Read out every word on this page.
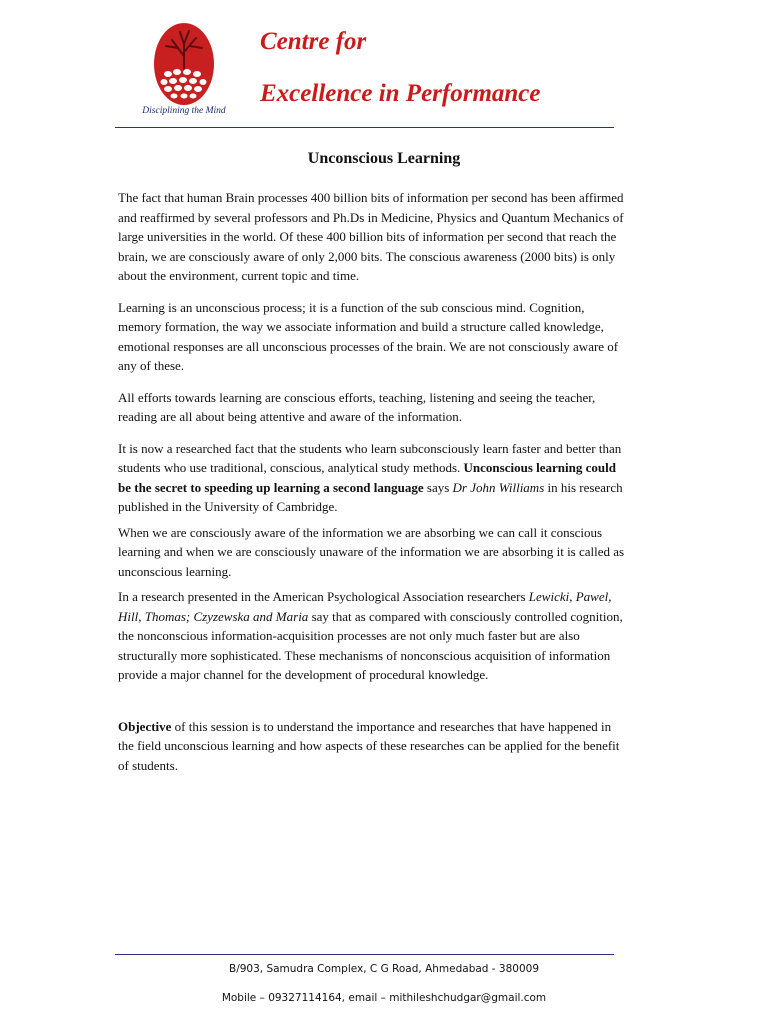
Disciplining the Mind
Centre for
Excellence in Performance
Unconscious Learning

The fact that human Brain processes 400 billion bits of information per second has been affirmed and reaffirmed by several professors and Ph.Ds in Medicine, Physics and Quantum Mechanics of large universities in the world. Of these 400 billion bits of information per second that reach the brain, we are consciously aware of only 2,000 bits. The conscious awareness (2000 bits) is only about the environment, current topic and time.

Learning is an unconscious process; it is a function of the sub conscious mind. Cognition, memory formation, the way we associate information and build a structure called knowledge, emotional responses are all unconscious processes of the brain. We are not consciously aware of any of these.

All efforts towards learning are conscious efforts, teaching, listening and seeing the teacher, reading are all about being attentive and aware of the information.

It is now a researched fact that the students who learn subconsciously learn faster and better than students who use traditional, conscious, analytical study methods. Unconscious learning could be the secret to speeding up learning a second language says Dr John Williams in his research published in the University of Cambridge.

When we are consciously aware of the information we are absorbing we can call it conscious learning and when we are consciously unaware of the information we are absorbing it is called as unconscious learning.

In a research presented in the American Psychological Association researchers Lewicki, Pawel, Hill, Thomas; Czyzewska and Maria say that as compared with consciously controlled cognition, the nonconscious information-acquisition processes are not only much faster but are also structurally more sophisticated. These mechanisms of nonconscious acquisition of information provide a major channel for the development of procedural knowledge.

Objective of this session is to understand the importance and researches that have happened in the field unconscious learning and how aspects of these researches can be applied for the benefit of students.

B/903, Samudra Complex, C G Road, Ahmedabad - 380009
Mobile – 09327114164, email – mithileshchudgar@gmail.com
